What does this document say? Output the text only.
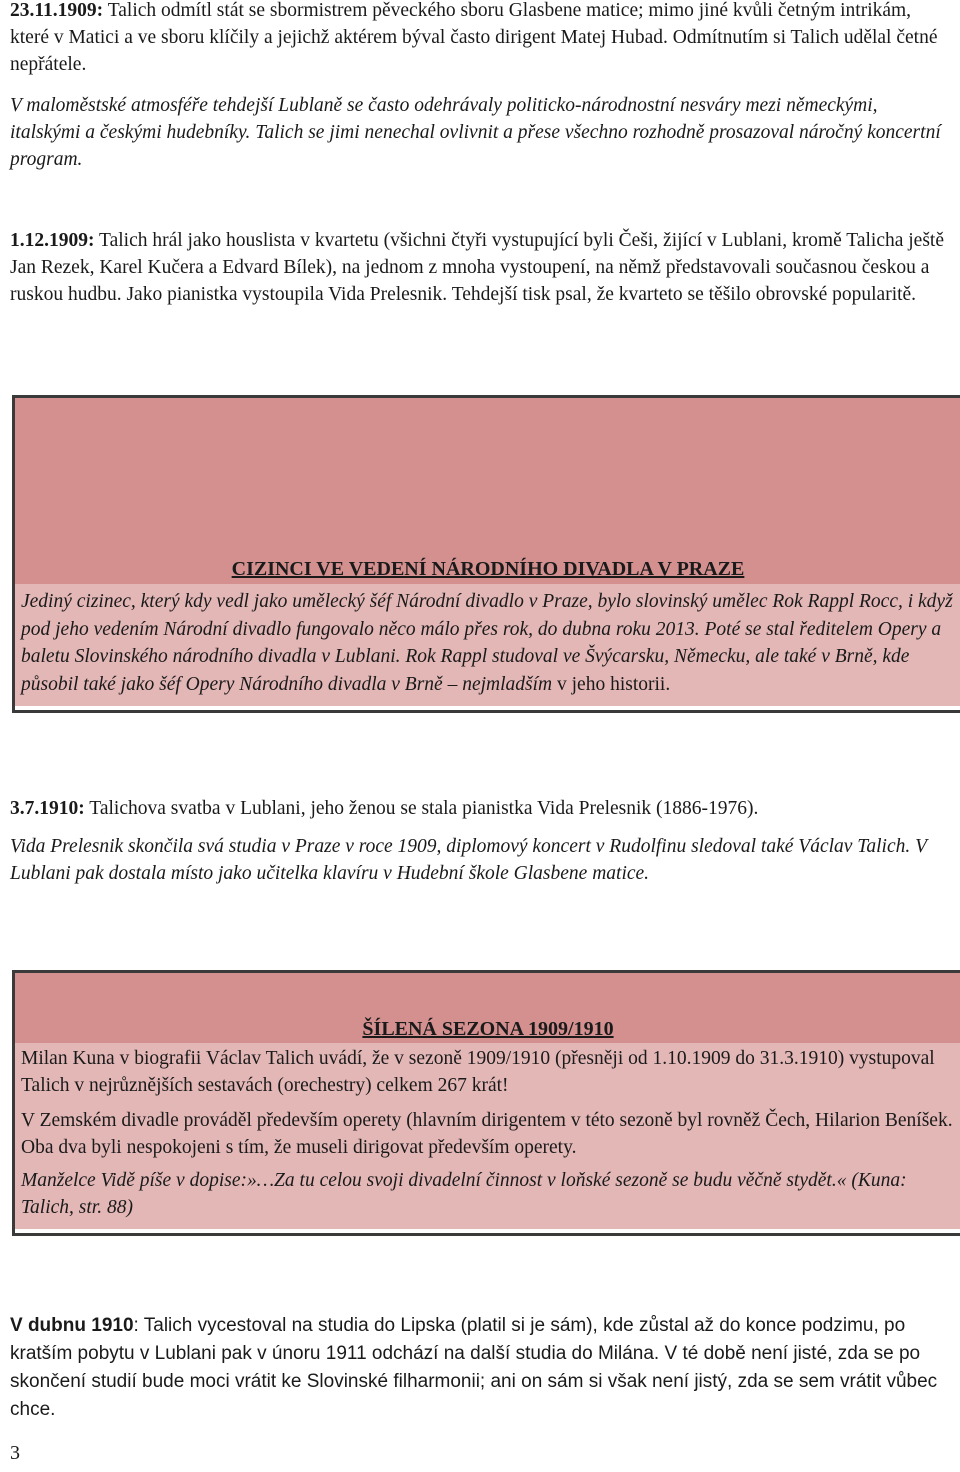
23.11.1909: Talich odmítl stát se sbormistrem pěveckého sboru Glasbene matice; mimo jiné kvůli četným intrikám, které v Matici a ve sboru klíčily a jejichž aktérem býval často dirigent Matej Hubad. Odmítnutím si Talich udělal četné nepřátele.

V maloměstské atmosféře tehdejší Lublaně se často odehrávaly politicko-národnostní nesváry mezi německými, italskými a českými hudebníky. Talich se jimi nenechal ovlivnit a přese všechno rozhodně prosazoval náročný koncertní program.

1.12.1909: Talich hrál jako houslista v kvartetu (všichni čtyři vystupující byli Češi, žijící v Lublani, kromě Talicha ještě Jan Rezek, Karel Kučera a Edvard Bílek), na jednom z mnoha vystoupení, na němž představovali současnou českou a ruskou hudbu. Jako pianistka vystoupila Vida Prelesnik. Tehdejší tisk psal, že kvarteto se těšilo obrovské popularitě.

CIZINCI VE VEDENÍ NÁRODNÍHO DIVADLA V PRAZE

Jediný cizinec, který kdy vedl jako umělecký šéf Národní divadlo v Praze, bylo slovinský umělec Rok Rappl Rocc, i když pod jeho vedením Národní divadlo fungovalo něco málo přes rok, do dubna roku 2013. Poté se stal ředitelem Opery a baletu Slovinského národního divadla v Lublani. Rok Rappl studoval ve Švýcarsku, Německu, ale také v Brně, kde působil také jako šéf Opery Národního divadla v Brně – nejmladším v jeho historii.

3.7.1910: Talichova svatba v Lublani, jeho ženou se stala pianistka Vida Prelesnik (1886-1976).

Vida Prelesnik skončila svá studia v Praze v roce 1909, diplomový koncert v Rudolfinu sledoval také Václav Talich. V Lublani pak dostala místo jako učitelka klavíru v Hudební škole Glasbene matice.

ŠÍLENÁ SEZONA 1909/1910

Milan Kuna v biografii Václav Talich uvádí, že v sezoně 1909/1910 (přesněji od 1.10.1909 do 31.3.1910) vystupoval Talich v nejrůznějších sestavách (orechestry) celkem 267 krát!

V Zemském divadle prováděl především operety (hlavním dirigentem v této sezoně byl rovněž Čech, Hilarion Beníšek. Oba dva byli nespokojeni s tím, že museli dirigovat především operety.

Manželce Vidě píše v dopise:»…Za tu celou svoji divadelní činnost v loňské sezoně se budu věčně stydět.« (Kuna: Talich, str. 88)

V dubnu 1910: Talich vycestoval na studia do Lipska (platil si je sám), kde zůstal až do konce podzimu, po kratším pobytu v Lublani pak v únoru 1911 odchází na další studia do Milána. V té době není jisté, zda se po skončení studií bude moci vrátit ke Slovinské filharmonii; ani on sám si však není jistý, zda se sem vrátit vůbec chce.

3
